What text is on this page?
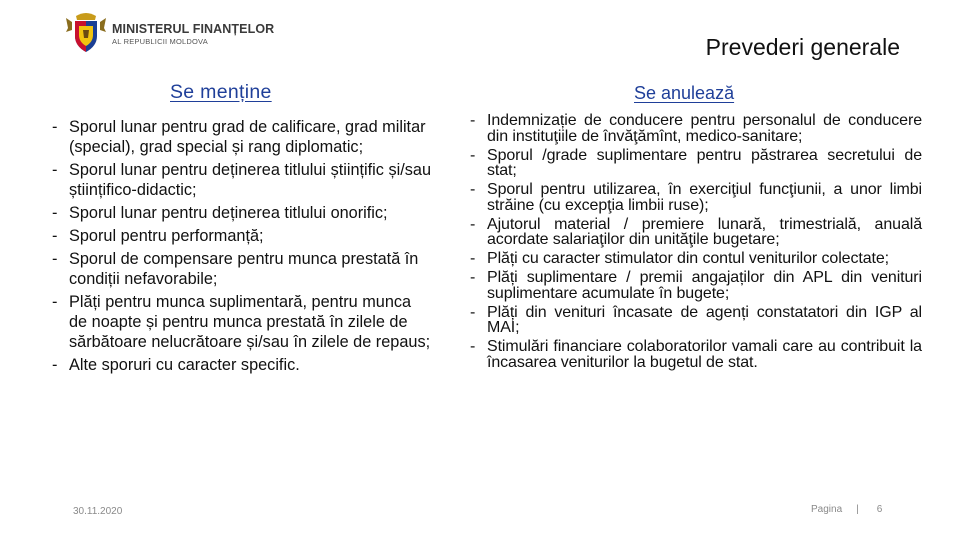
MINISTERUL FINANȚELOR
AL REPUBLICII MOLDOVA	Prevederi generale
Se menține	Se anulează
- Sporul lunar pentru grad de calificare, grad militar (special), grad special și rang diplomatic;
- Sporul lunar pentru deținerea titlului științific și/sau științifico-didactic;
- Sporul lunar pentru deținerea titlului onorific;
- Sporul pentru performanță;
- Sporul de compensare pentru munca prestată în condiții nefavorabile;
- Plăți pentru munca suplimentară, pentru munca de noapte și pentru munca prestată în zilele de sărbătoare nelucrătoare și/sau în zilele de repaus;
- Alte sporuri cu caracter specific.
- Indemnizație de conducere pentru personalul de conducere din instituţiile de învăţămînt, medico-sanitare;
- Sporul /grade suplimentare pentru păstrarea secretului de stat;
- Sporul pentru utilizarea, în exerciţiul funcţiunii, a unor limbi străine (cu excepţia limbii ruse);
- Ajutorul material / premiere lunară, trimestrială, anuală acordate salariaţilor din unităţile bugetare;
- Plăți cu caracter stimulator din contul veniturilor colectate;
- Plăți suplimentare / premii angajaților din APL din venituri suplimentare acumulate în bugete;
- Plăți din venituri încasate de agenți constatatori din IGP al MAI;
- Stimulări financiare colaboratorilor vamali care au contribuit la încasarea veniturilor la bugetul de stat.
30.11.2020	Pagina | 6
